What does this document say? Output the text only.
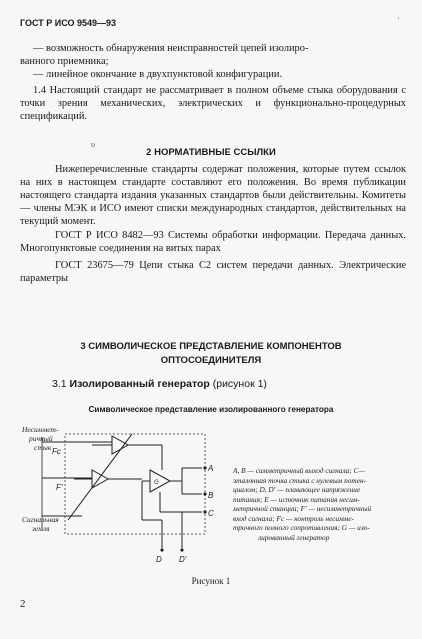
ГОСТ Р ИСО 9549—93	'

— возможность обнаружения неисправностей цепей изолиро-

ванного приемника;

— линейное окончание в двухпунктовой конфигурации.

1.4 Настоящий стандарт не рассматривает в полном объеме стыка оборудования с точки зрения механических, электрических и функционально-процедурных спецификаций.

υ
2 НОРМАТИВНЫЕ ССЫЛКИ

Нижеперечисленные стандарты содержат положения, которые путем ссылок на них в настоящем стандарте составляют его положения. Во время публикации настоящего стандарта издания указанных стандартов были действительны. Комитеты — члены МЭК и ИСО имеют списки международных стандартов, действительных на текущий момент.

ГОСТ Р ИСО 8482—93 Системы обработки информации. Передача данных. Многопунктовые соединения на витых парах

ГОСТ 23675—79 Цепи стыка С2 систем передачи данных. Электрические параметры

3 СИМВОЛИЧЕСКОЕ ПРЕДСТАВЛЕНИЕ КОМПОНЕНТОВ
ОПТОСОЕДИНИТЕЛЯ
3.1 Изолированный генератор (рисунок 1)
Символическое представление изолированного генератора
Несиммет-
ричный
стык
Сигнальная
земля
Fc
F'
A
B
C
D D'
G
A, B — симметричный выход сигнала; C—
эталонная точка стыка с нулевым потен-
циалом; D, D' — плавающее напряжение
питания; E — источник питания несим-
метричной станции; F' — несимметричный
вход сигнала; Fc — контроль несимме-
тричного полного сопротивления; G — изо-
лированный генератор
Рисунок 1
2
